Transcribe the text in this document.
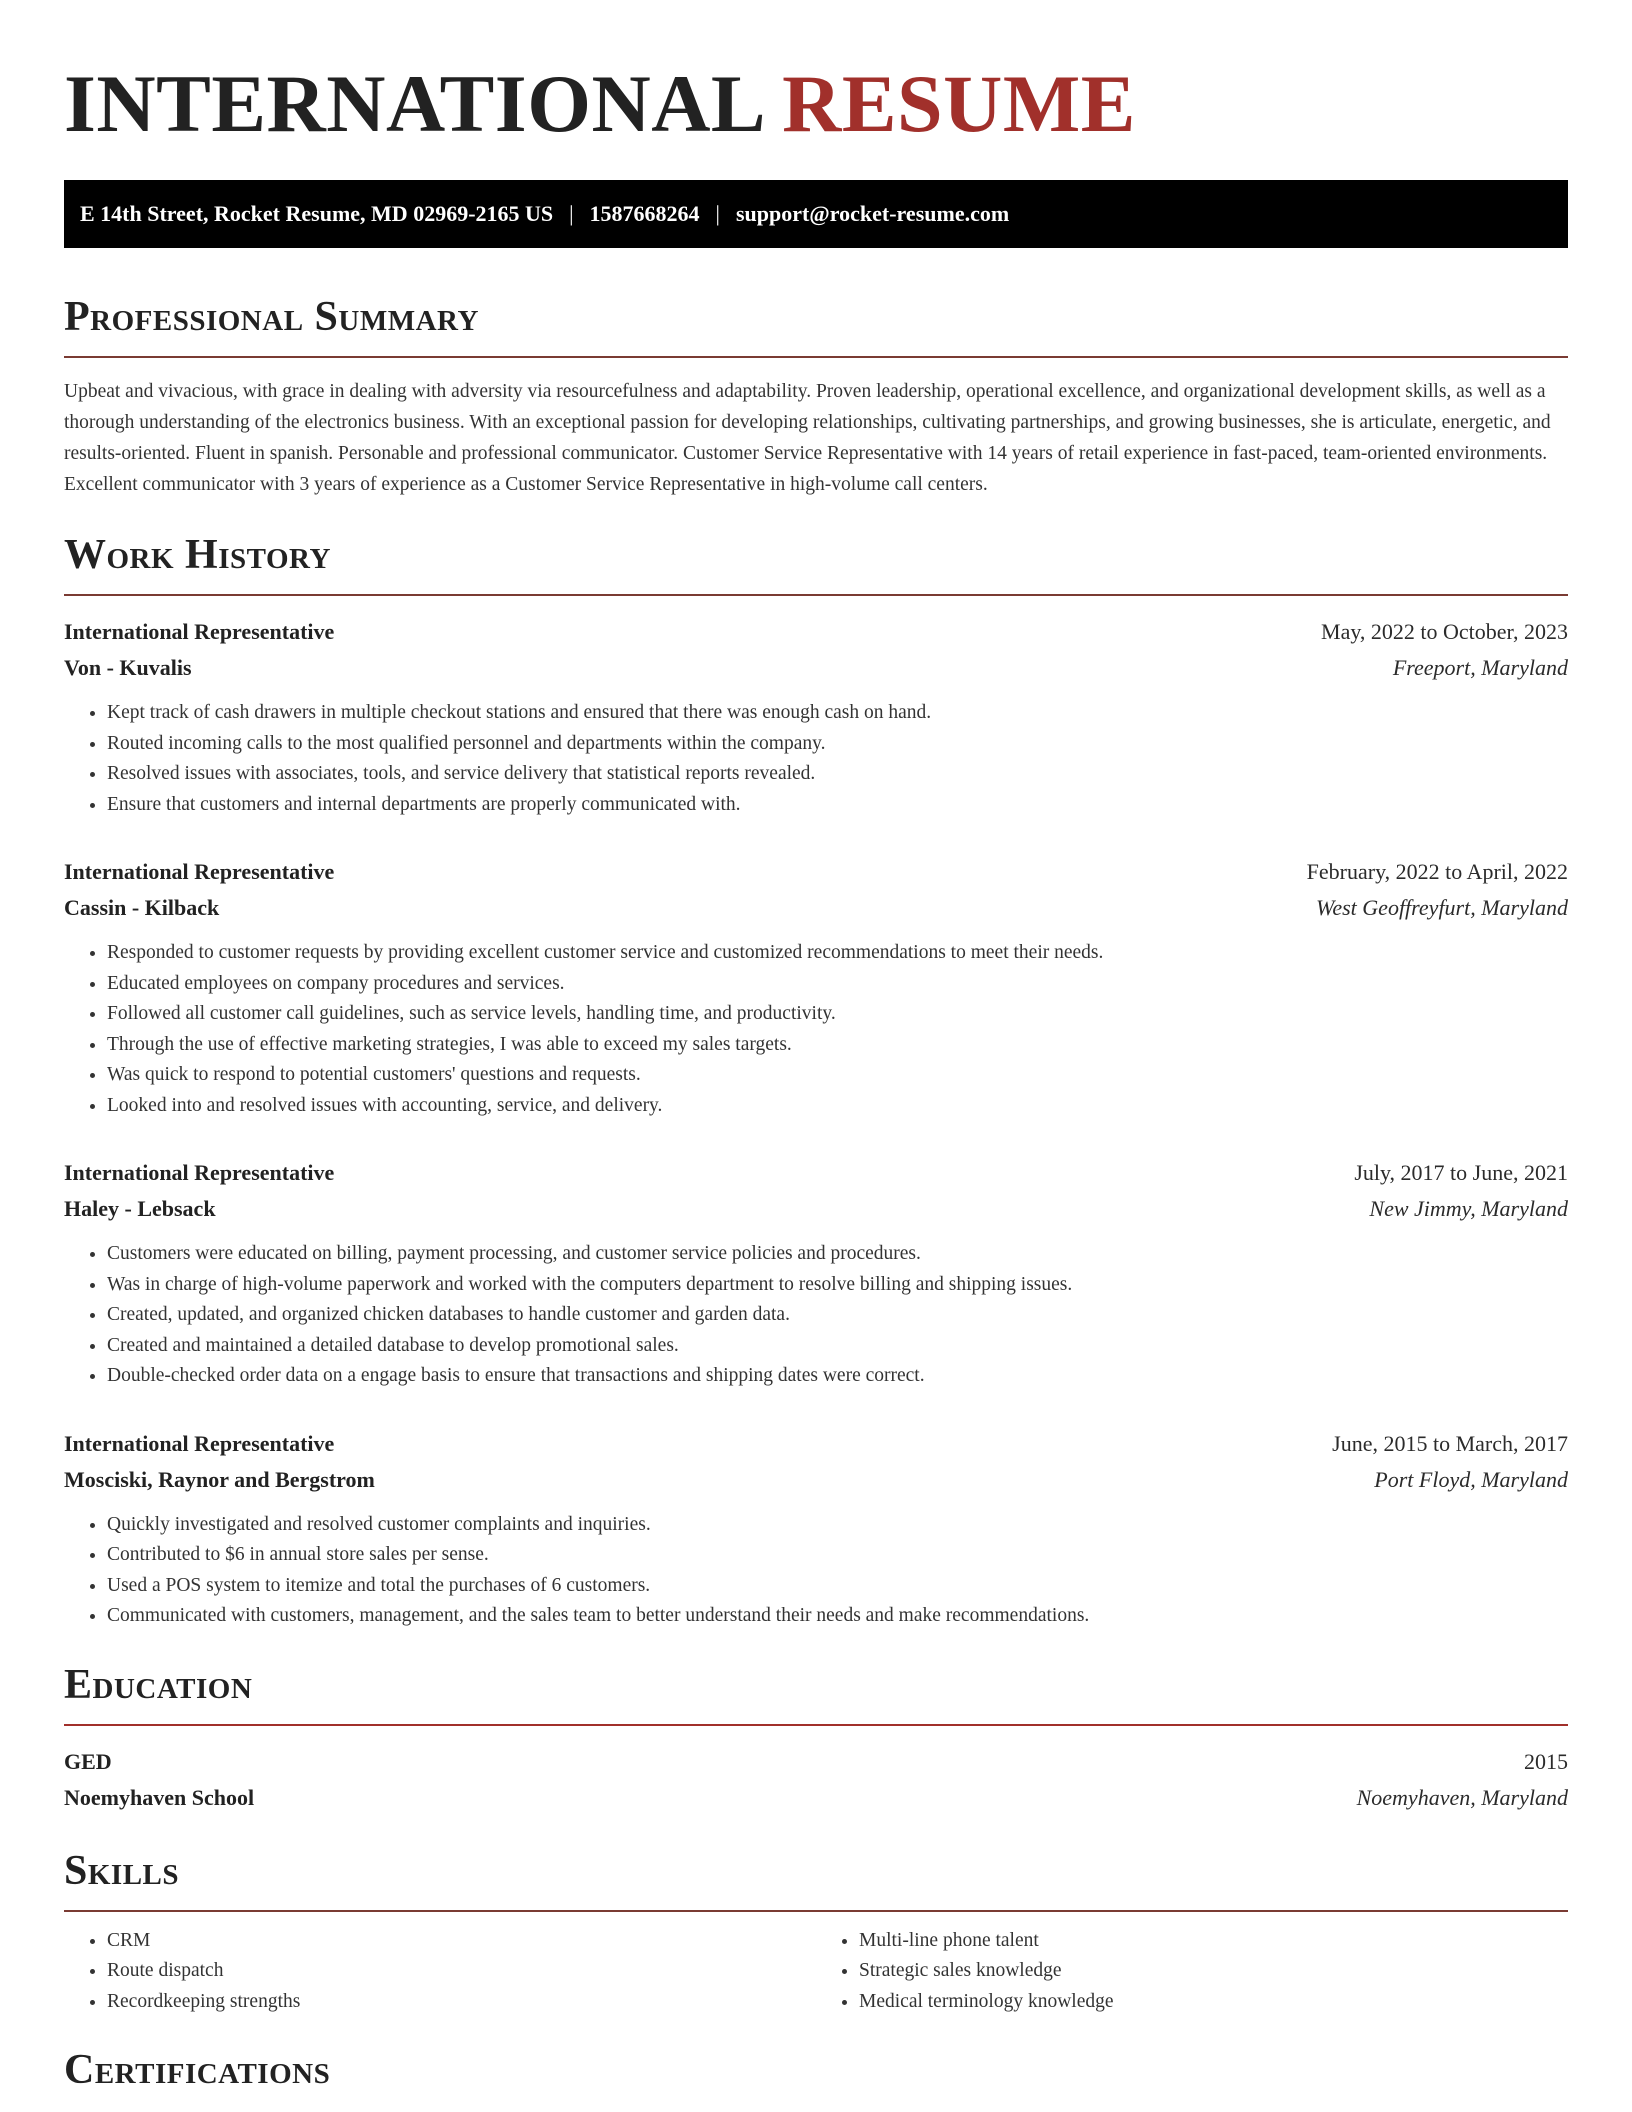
INTERNATIONAL RESUME
E 14th Street, Rocket Resume, MD 02969-2165 US | 1587668264 | support@rocket-resume.com
Professional Summary

Upbeat and vivacious, with grace in dealing with adversity via resourcefulness and adaptability. Proven leadership, operational excellence, and organizational development skills, as well as a thorough understanding of the electronics business. With an exceptional passion for developing relationships, cultivating partnerships, and growing businesses, she is articulate, energetic, and results-oriented. Fluent in spanish. Personable and professional communicator. Customer Service Representative with 14 years of retail experience in fast-paced, team-oriented environments. Excellent communicator with 3 years of experience as a Customer Service Representative in high-volume call centers.

Work History
International Representative	May, 2022 to October, 2023
Von - Kuvalis	Freeport, Maryland
• Kept track of cash drawers in multiple checkout stations and ensured that there was enough cash on hand.
• Routed incoming calls to the most qualified personnel and departments within the company.
• Resolved issues with associates, tools, and service delivery that statistical reports revealed.
• Ensure that customers and internal departments are properly communicated with.
International Representative	February, 2022 to April, 2022
Cassin - Kilback	West Geoffreyfurt, Maryland
• Responded to customer requests by providing excellent customer service and customized recommendations to meet their needs.
• Educated employees on company procedures and services.
• Followed all customer call guidelines, such as service levels, handling time, and productivity.
• Through the use of effective marketing strategies, I was able to exceed my sales targets.
• Was quick to respond to potential customers' questions and requests.
• Looked into and resolved issues with accounting, service, and delivery.
International Representative	July, 2017 to June, 2021
Haley - Lebsack	New Jimmy, Maryland
• Customers were educated on billing, payment processing, and customer service policies and procedures.
• Was in charge of high-volume paperwork and worked with the computers department to resolve billing and shipping issues.
• Created, updated, and organized chicken databases to handle customer and garden data.
• Created and maintained a detailed database to develop promotional sales.
• Double-checked order data on a engage basis to ensure that transactions and shipping dates were correct.
International Representative	June, 2015 to March, 2017
Mosciski, Raynor and Bergstrom	Port Floyd, Maryland
• Quickly investigated and resolved customer complaints and inquiries.
• Contributed to $6 in annual store sales per sense.
• Used a POS system to itemize and total the purchases of 6 customers.
• Communicated with customers, management, and the sales team to better understand their needs and make recommendations.
Education
GED	2015
Noemyhaven School	Noemyhaven, Maryland
Skills
• CRM
• Route dispatch
• Recordkeeping strengths
• Multi-line phone talent
• Strategic sales knowledge
• Medical terminology knowledge
Certifications
